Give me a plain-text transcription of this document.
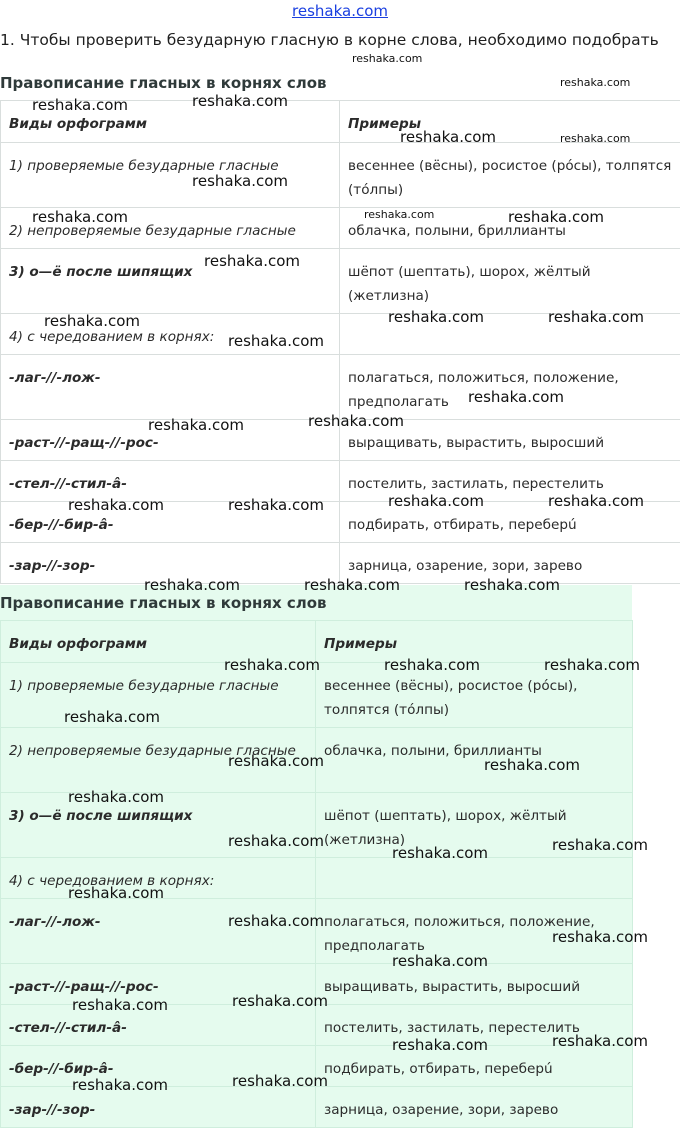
reshaka.com
1. Чтобы проверить безударную гласную в корне слова, необходимо подобрать
Правописание гласных в корнях слов
Виды орфограмм	Примеры
1) проверяемые безударные гласные	весеннее (вёсны), росистое (рóсы), толпятся (тóлпы)
2) непроверяемые безударные гласные	облачка, полыни, бриллианты
3) о—ё после шипящих	шёпот (шептать), шорох, жёлтый (жетлизна)
4) с чередованием в корнях:	
-лаг-//-лож-	полагаться, положиться, положение, предполагать
-раст-//-ращ-//-рос-	выращивать, вырастить, выросший
-стел-//-стил-â-	постелить, застилать, перестелить
-бер-//-бир-â-	подбирать, отбирать, переберú
-зар-//-зор-	зарница, озарение, зори, зарево
Правописание гласных в корнях слов
Виды орфограмм	Примеры
1) проверяемые безударные гласные	весеннее (вёсны), росистое (рóсы), толпятся (тóлпы)
2) непроверяемые безударные гласные	облачка, полыни, бриллианты
3) о—ё после шипящих	шёпот (шептать), шорох, жёлтый (жетлизна)
4) с чередованием в корнях:	
-лаг-//-лож-	полагаться, положиться, положение, предполагать
-раст-//-ращ-//-рос-	выращивать, вырастить, выросший
-стел-//-стил-â-	постелить, застилать, перестелить
-бер-//-бир-â-	подбирать, отбирать, переберú
-зар-//-зор-	зарница, озарение, зори, зарево
reshaka.com
reshaka.com
reshaka.com	reshaka.com
reshaka.com	reshaka.com
reshaka.com
reshaka.com	reshaka.com	reshaka.com
reshaka.com
reshaka.com	reshaka.com	reshaka.com
reshaka.com
reshaka.com
reshaka.com
reshaka.com
reshaka.com	reshaka.com	reshaka.com	reshaka.com
reshaka.com	reshaka.com	reshaka.com
reshaka.com	reshaka.com	reshaka.com
reshaka.com
reshaka.com	reshaka.com
reshaka.com
reshaka.com	reshaka.com
reshaka.com
reshaka.com
reshaka.com
reshaka.com
reshaka.com
reshaka.com
reshaka.com
reshaka.com
reshaka.com
reshaka.com
reshaka.com
